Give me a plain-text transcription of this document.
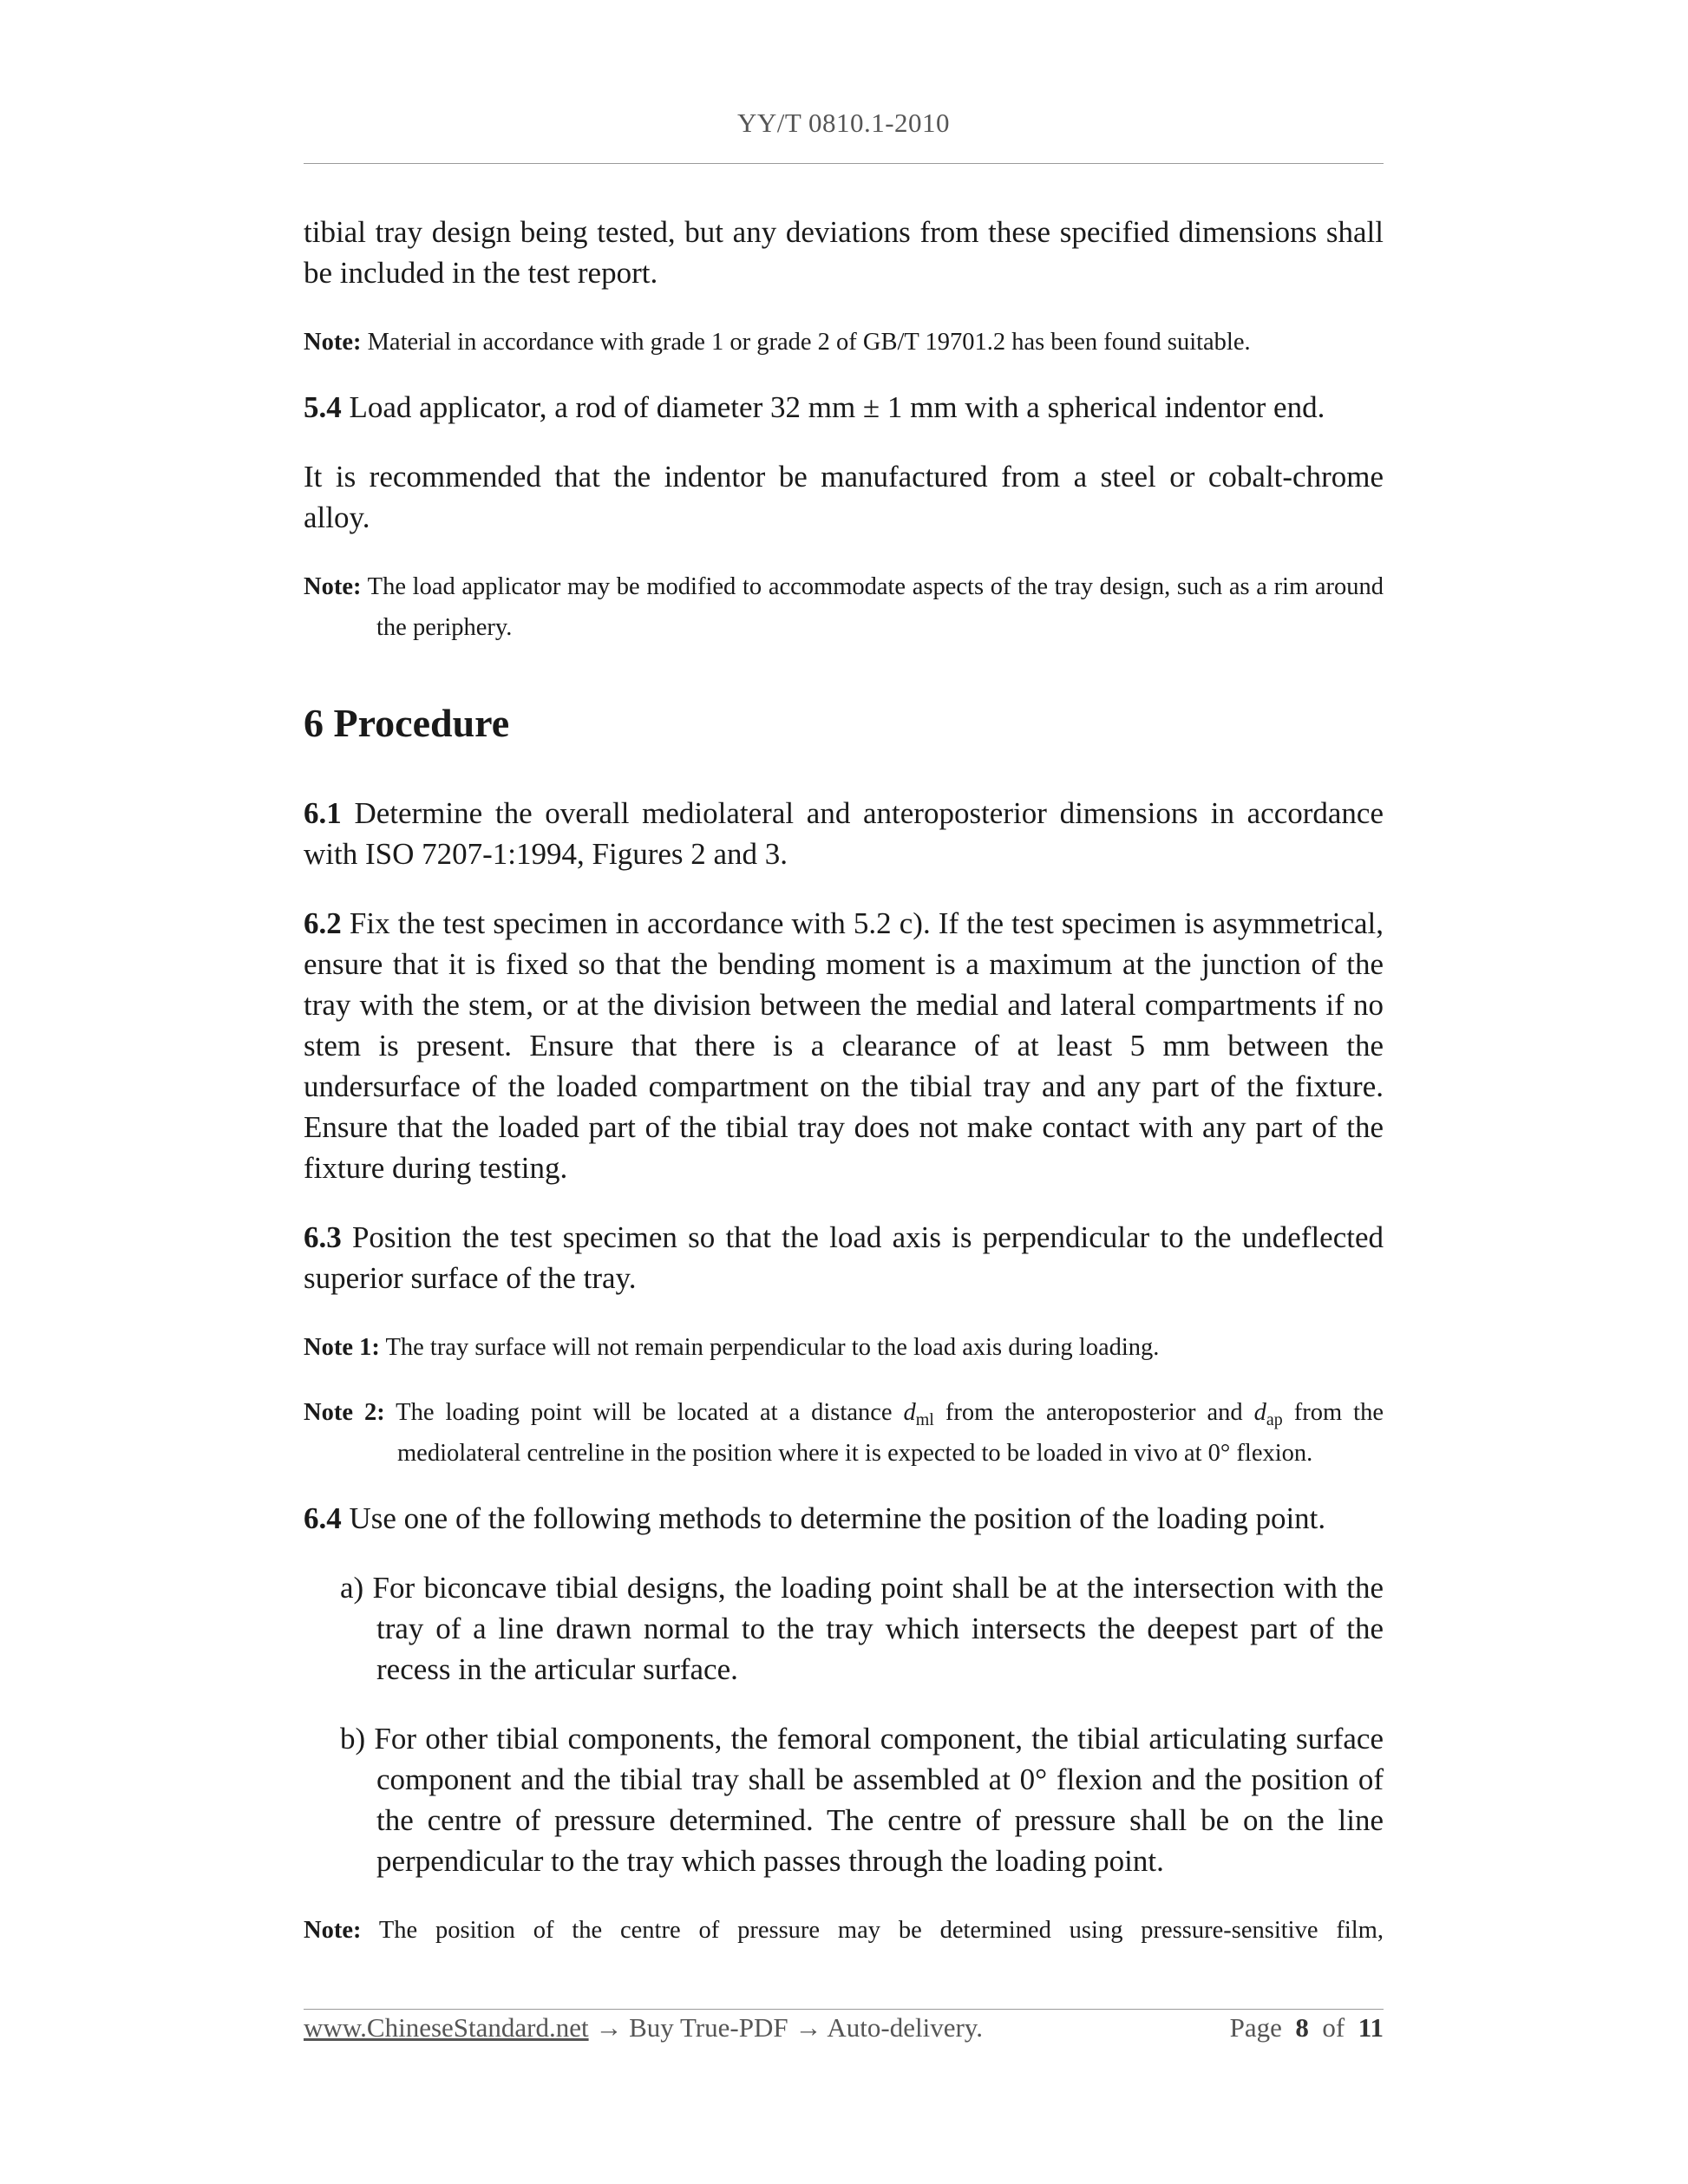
YY/T 0810.1-2010

tibial tray design being tested, but any deviations from these specified dimensions shall be included in the test report.

Note: Material in accordance with grade 1 or grade 2 of GB/T 19701.2 has been found suitable.

5.4 Load applicator, a rod of diameter 32 mm ± 1 mm with a spherical indentor end.

It is recommended that the indentor be manufactured from a steel or cobalt-chrome alloy.

Note: The load applicator may be modified to accommodate aspects of the tray design, such as a rim around the periphery.

6 Procedure

6.1 Determine the overall mediolateral and anteroposterior dimensions in accordance with ISO 7207-1:1994, Figures 2 and 3.

6.2 Fix the test specimen in accordance with 5.2 c). If the test specimen is asymmetrical, ensure that it is fixed so that the bending moment is a maximum at the junction of the tray with the stem, or at the division between the medial and lateral compartments if no stem is present. Ensure that there is a clearance of at least 5 mm between the undersurface of the loaded compartment on the tibial tray and any part of the fixture. Ensure that the loaded part of the tibial tray does not make contact with any part of the fixture during testing.

6.3 Position the test specimen so that the load axis is perpendicular to the undeflected superior surface of the tray.

Note 1: The tray surface will not remain perpendicular to the load axis during loading.

Note 2: The loading point will be located at a distance $d_{ml}$ from the anteroposterior and $d_{ap}$ from the mediolateral centreline in the position where it is expected to be loaded in vivo at 0° flexion.

6.4 Use one of the following methods to determine the position of the loading point.

a) For biconcave tibial designs, the loading point shall be at the intersection with the tray of a line drawn normal to the tray which intersects the deepest part of the recess in the articular surface.

b) For other tibial components, the femoral component, the tibial articulating surface component and the tibial tray shall be assembled at 0° flexion and the position of the centre of pressure determined. The centre of pressure shall be on the line perpendicular to the tray which passes through the loading point.

Note: The position of the centre of pressure may be determined using pressure-sensitive film,

www.ChineseStandard.net → Buy True-PDF → Auto-delivery.	Page 8 of 11
